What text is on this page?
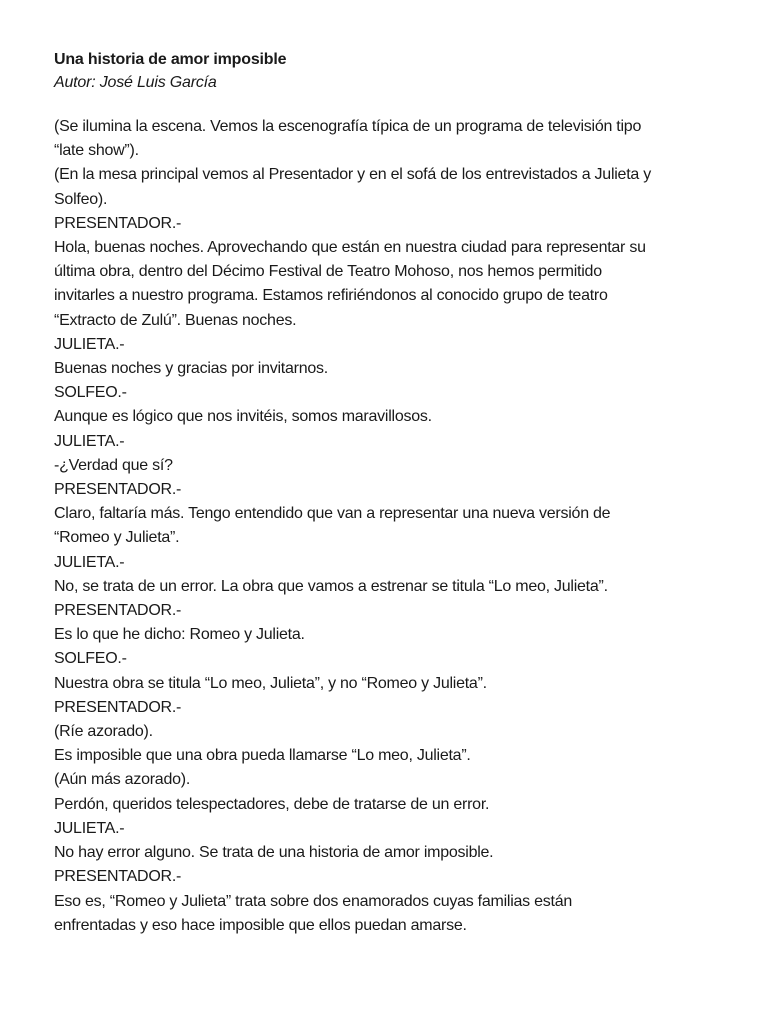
Una historia de amor imposible

Autor: José Luis García

(Se ilumina la escena. Vemos la escenografía típica de un programa de televisión tipo

“late show”).

(En la mesa principal vemos al Presentador y en el sofá de los entrevistados a Julieta y

Solfeo).

PRESENTADOR.-

Hola, buenas noches. Aprovechando que están en nuestra ciudad para representar su

última obra, dentro del Décimo Festival de Teatro Mohoso, nos hemos permitido

invitarles a nuestro programa. Estamos refiriéndonos al conocido grupo de teatro

“Extracto de Zulú”. Buenas noches.

JULIETA.-

Buenas noches y gracias por invitarnos.

SOLFEO.-

Aunque es lógico que nos invitéis, somos maravillosos.

JULIETA.-

-¿Verdad que sí?

PRESENTADOR.-

Claro, faltaría más. Tengo entendido que van a representar una nueva versión de

“Romeo y Julieta”.

JULIETA.-

No, se trata de un error. La obra que vamos a estrenar se titula “Lo meo, Julieta”.

PRESENTADOR.-

Es lo que he dicho: Romeo y Julieta.

SOLFEO.-

Nuestra obra se titula “Lo meo, Julieta”, y no “Romeo y Julieta”.

PRESENTADOR.-

(Ríe azorado).

Es imposible que una obra pueda llamarse “Lo meo, Julieta”.

(Aún más azorado).

Perdón, queridos telespectadores, debe de tratarse de un error.

JULIETA.-

No hay error alguno. Se trata de una historia de amor imposible.

PRESENTADOR.-

Eso es, “Romeo y Julieta” trata sobre dos enamorados cuyas familias están

enfrentadas y eso hace imposible que ellos puedan amarse.
